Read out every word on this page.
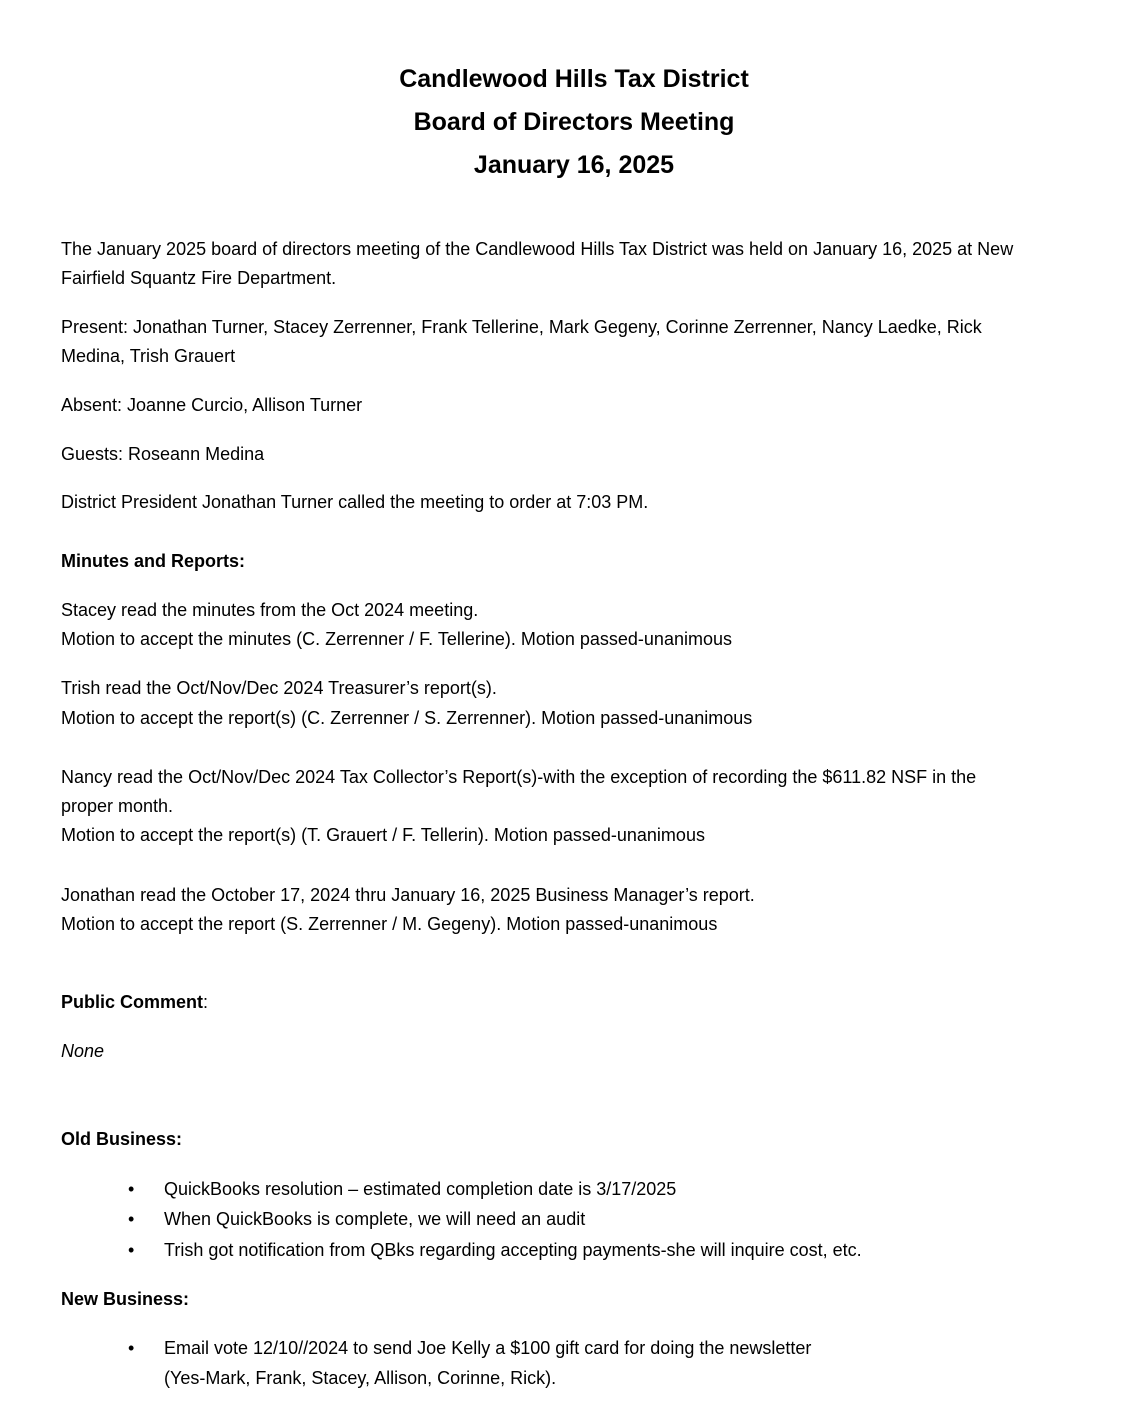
Candlewood Hills Tax District
Board of Directors Meeting
January 16, 2025
The January 2025 board of directors meeting of the Candlewood Hills Tax District was held on January 16, 2025 at New
Fairfield Squantz Fire Department.
Present: Jonathan Turner, Stacey Zerrenner, Frank Tellerine, Mark Gegeny, Corinne Zerrenner, Nancy Laedke, Rick
Medina, Trish Grauert
Absent: Joanne Curcio, Allison Turner
Guests: Roseann Medina
District President Jonathan Turner called the meeting to order at 7:03 PM.
Minutes and Reports:
Stacey read the minutes from the Oct 2024 meeting.
Motion to accept the minutes (C. Zerrenner / F. Tellerine). Motion passed-unanimous
Trish read the Oct/Nov/Dec 2024 Treasurer’s report(s).
Motion to accept the report(s) (C. Zerrenner / S. Zerrenner). Motion passed-unanimous
Nancy read the Oct/Nov/Dec 2024 Tax Collector’s Report(s)-with the exception of recording the $611.82 NSF in the
proper month.
Motion to accept the report(s) (T. Grauert / F. Tellerin). Motion passed-unanimous
Jonathan read the October 17, 2024 thru January 16, 2025 Business Manager’s report.
Motion to accept the report (S. Zerrenner / M. Gegeny). Motion passed-unanimous
Public Comment:
None
Old Business:
• QuickBooks resolution – estimated completion date is 3/17/2025
• When QuickBooks is complete, we will need an audit
• Trish got notification from QBks regarding accepting payments-she will inquire cost, etc.
New Business:
• Email vote 12/10//2024 to send Joe Kelly a $100 gift card for doing the newsletter
(Yes-Mark, Frank, Stacey, Allison, Corinne, Rick).
